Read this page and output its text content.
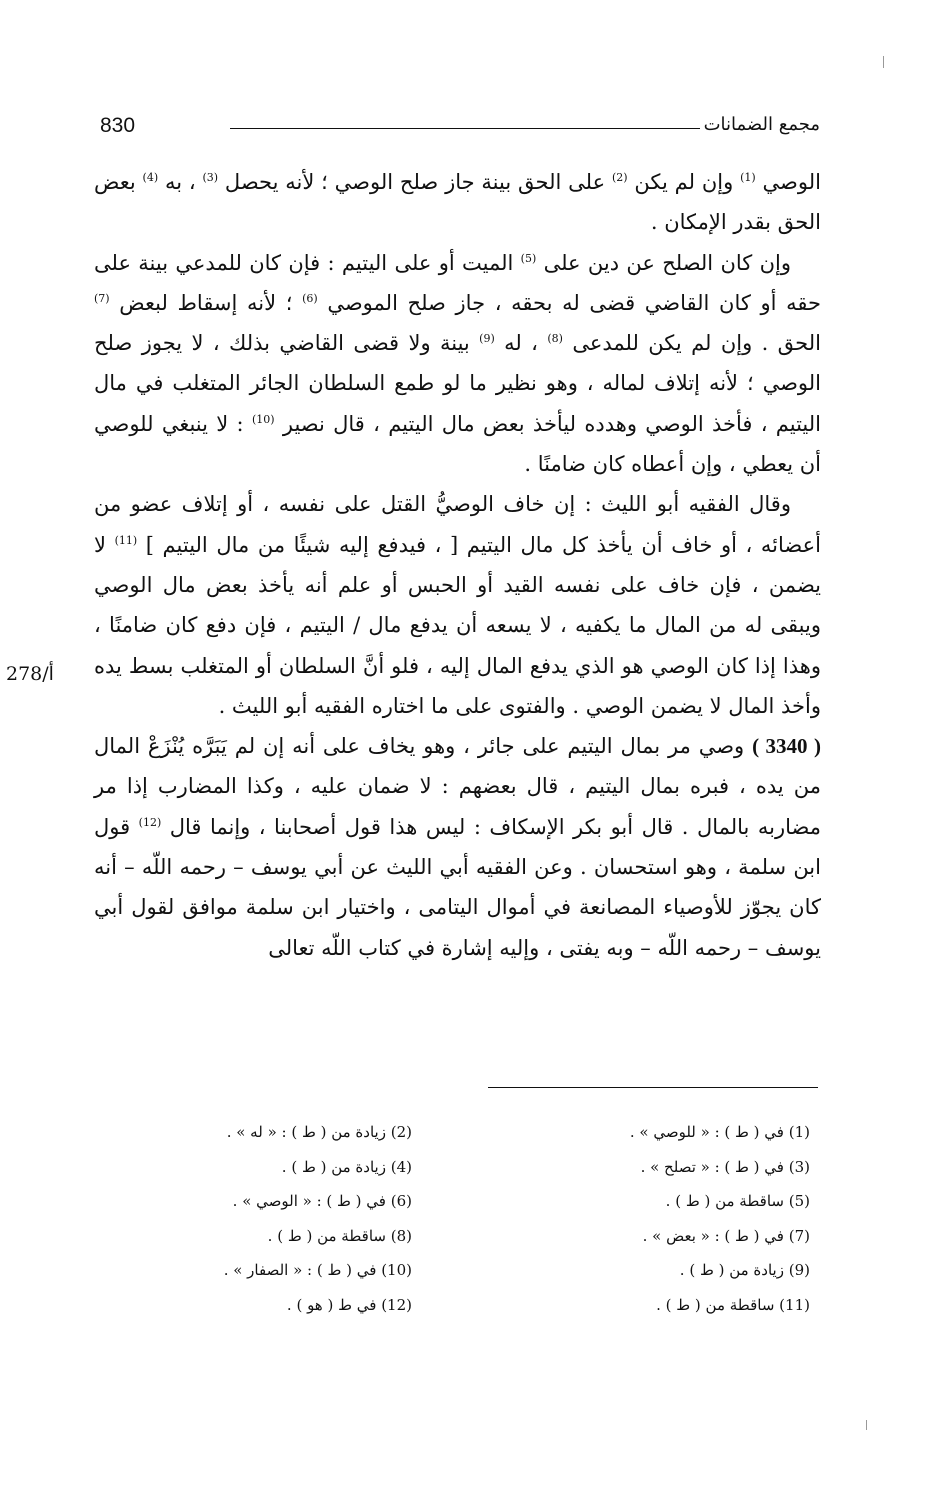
830	مجمع الضمانات

الوصي $^{(1)}$ وإن لم يكن $^{(2)}$ على الحق بينة جاز صلح الوصي ؛ لأنه يحصل $^{(3)}$ ، به $^{(4)}$ بعض الحق بقدر الإمكان .

وإن كان الصلح عن دين على $^{(5)}$ الميت أو على اليتيم : فإن كان للمدعي بينة على حقه أو كان القاضي قضى له بحقه ، جاز صلح الموصي $^{(6)}$ ؛ لأنه إسقاط لبعض $^{(7)}$ الحق . وإن لم يكن للمدعى $^{(8)}$ ، له $^{(9)}$ بينة ولا قضى القاضي بذلك ، لا يجوز صلح الوصي ؛ لأنه إتلاف لماله ، وهو نظير ما لو طمع السلطان الجائر المتغلب في مال اليتيم ، فأخذ الوصي وهدده ليأخذ بعض مال اليتيم ، قال نصير $^{(10)}$ : لا ينبغي للوصي أن يعطي ، وإن أعطاه كان ضامنًا .

وقال الفقيه أبو الليث : إن خاف الوصيُّ القتل على نفسه ، أو إتلاف عضو من أعضائه ، أو خاف أن يأخذ كل مال اليتيم [ ، فيدفع إليه شيئًا من مال اليتيم ] $^{(11)}$ لا يضمن ، فإن خاف على نفسه القيد أو الحبس أو علم أنه يأخذ بعض مال الوصي ويبقى له من المال ما يكفيه ، لا يسعه أن يدفع مال / اليتيم ، فإن دفع كان ضامنًا ، وهذا إذا كان الوصي هو الذي يدفع المال إليه ، فلو أنَّ السلطان أو المتغلب بسط يده وأخذ المال لا يضمن الوصي . والفتوى على ما اختاره الفقيه أبو الليث .

( 3340 ) وصي مر بمال اليتيم على جائر ، وهو يخاف على أنه إن لم يَبَرَّه يُنْزَعْ المال من يده ، فبره بمال اليتيم ، قال بعضهم : لا ضمان عليه ، وكذا المضارب إذا مر مضاربه بالمال . قال أبو بكر الإسكاف : ليس هذا قول أصحابنا ، وإنما قال $^{(12)}$ قول ابن سلمة ، وهو استحسان . وعن الفقيه أبي الليث عن أبي يوسف – رحمه اللّه – أنه كان يجوّز للأوصياء المصانعة في أموال اليتامى ، واختيار ابن سلمة موافق لقول أبي يوسف – رحمه اللّه – وبه يفتى ، وإليه إشارة في كتاب اللّه تعالى

278/أ
(1) في ( ط ) : « للوصي » .
(3) في ( ط ) : « تصلح » .
(5) ساقطة من ( ط ) .
(7) في ( ط ) : « بعض » .
(9) زيادة من ( ط ) .
(11) ساقطة من ( ط ) .
(2) زيادة من ( ط ) : « له » .
(4) زيادة من ( ط ) .
(6) في ( ط ) : « الوصي » .
(8) ساقطة من ( ط ) .
(10) في ( ط ) : « الصفار » .
(12) في ط ( هو ) .
